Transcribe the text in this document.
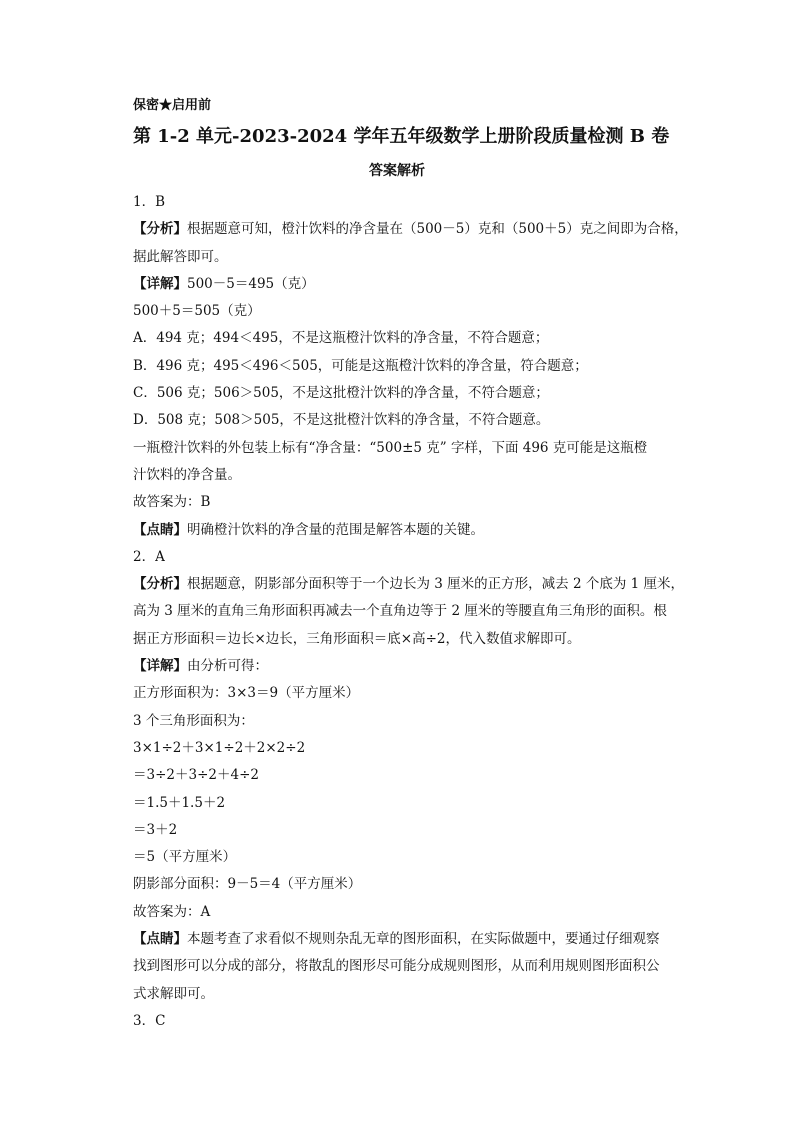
保密★启用前
第 1-2 单元-2023-2024 学年五年级数学上册阶段质量检测 B 卷
答案解析
1．B
【分析】根据题意可知，橙汁饮料的净含量在（500－5）克和（500＋5）克之间即为合格，
据此解答即可。
【详解】500－5＝495（克）
500＋5＝505（克）
A．494 克；494＜495，不是这瓶橙汁饮料的净含量，不符合题意；
B．496 克；495＜496＜505，可能是这瓶橙汁饮料的净含量，符合题意；
C．506 克；506＞505，不是这批橙汁饮料的净含量，不符合题意；
D．508 克；508＞505，不是这批橙汁饮料的净含量，不符合题意。
一瓶橙汁饮料的外包装上标有“净含量：“500±5 克” 字样，下面 496 克可能是这瓶橙
汁饮料的净含量。
故答案为：B
【点睛】明确橙汁饮料的净含量的范围是解答本题的关键。
2．A
【分析】根据题意，阴影部分面积等于一个边长为 3 厘米的正方形，减去 2 个底为 1 厘米，
高为 3 厘米的直角三角形面积再减去一个直角边等于 2 厘米的等腰直角三角形的面积。根
据正方形面积＝边长×边长，三角形面积＝底×高÷2，代入数值求解即可。
【详解】由分析可得：
正方形面积为：3×3＝9（平方厘米）
3 个三角形面积为：
3×1÷2＋3×1÷2＋2×2÷2
＝3÷2＋3÷2＋4÷2
＝1.5＋1.5＋2
＝3＋2
＝5（平方厘米）
阴影部分面积：9－5＝4（平方厘米）
故答案为：A
【点睛】本题考查了求看似不规则杂乱无章的图形面积，在实际做题中，要通过仔细观察
找到图形可以分成的部分，将散乱的图形尽可能分成规则图形，从而利用规则图形面积公
式求解即可。
3．C
